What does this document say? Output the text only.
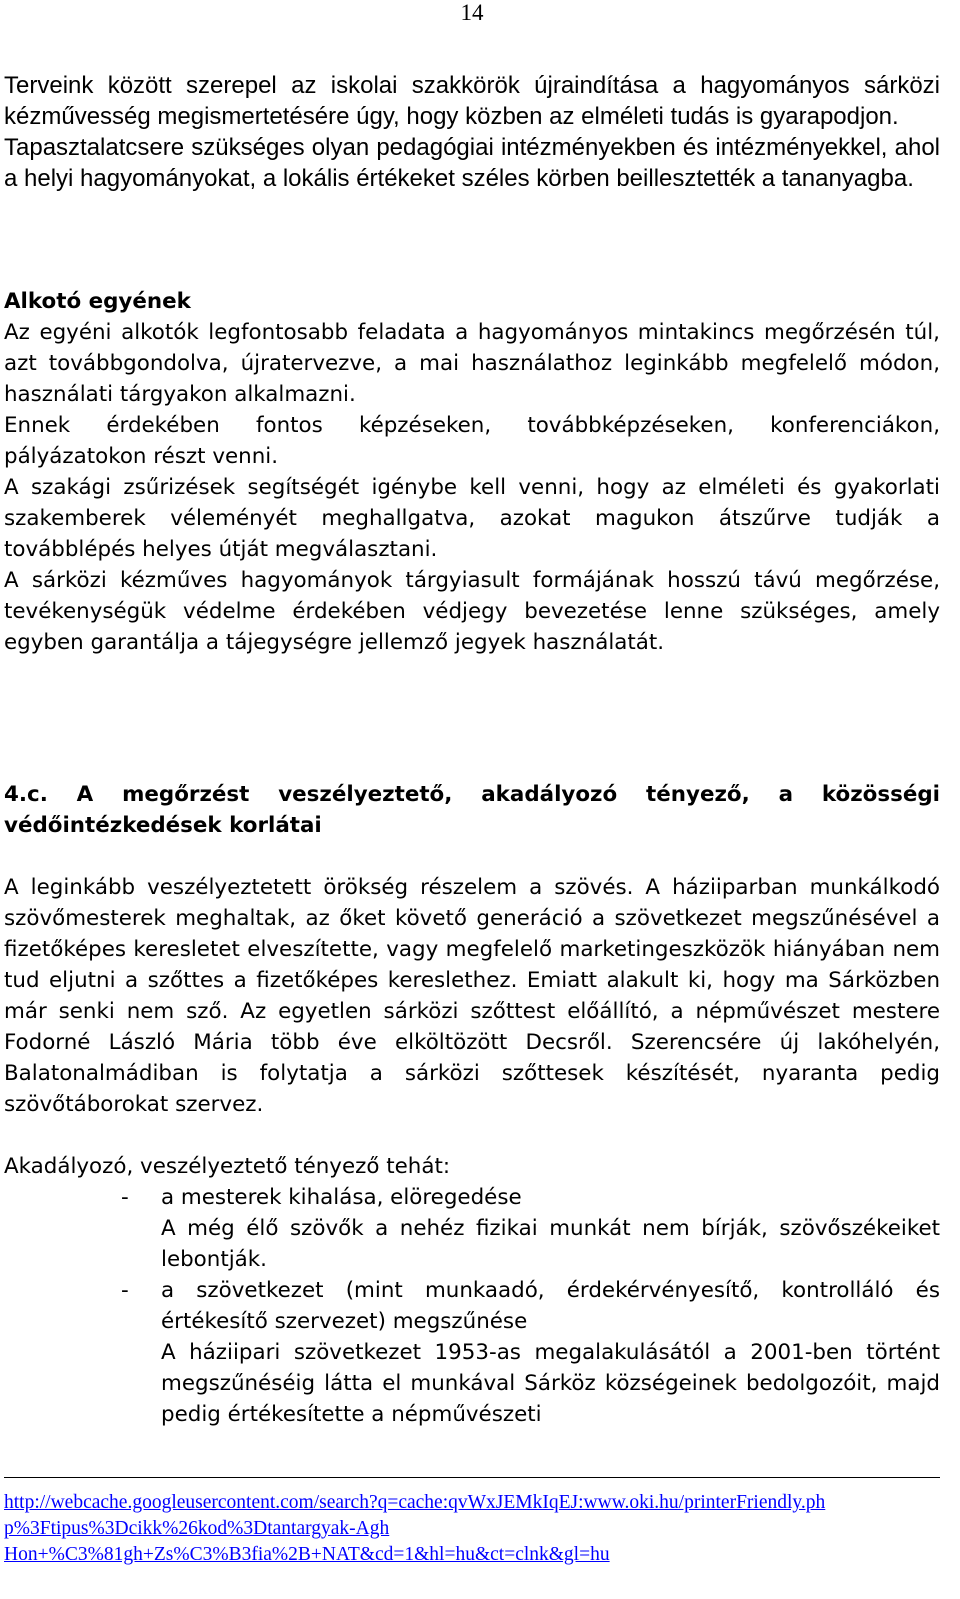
14

Terveink között szerepel az iskolai szakkörök újraindítása a hagyományos sárközi kézművesség megismertetésére úgy, hogy közben az elméleti tudás is gyarapodjon.

Tapasztalatcsere szükséges olyan pedagógiai intézményekben és intézményekkel, ahol a helyi hagyományokat, a lokális értékeket széles körben beillesztették a tananyagba.

Alkotó egyének

Az egyéni alkotók legfontosabb feladata a hagyományos mintakincs megőrzésén túl, azt továbbgondolva, újratervezve, a mai használathoz leginkább megfelelő módon, használati tárgyakon alkalmazni.

Ennek érdekében fontos képzéseken, továbbképzéseken, konferenciákon, pályázatokon részt venni.

A szakági zsűrizések segítségét igénybe kell venni, hogy az elméleti és gyakorlati szakemberek véleményét meghallgatva, azokat magukon átszűrve tudják a továbblépés helyes útját megválasztani.

A sárközi kézműves hagyományok tárgyiasult formájának hosszú távú megőrzése, tevékenységük védelme érdekében védjegy bevezetése lenne szükséges, amely egyben garantálja a tájegységre jellemző jegyek használatát.

4.c. A megőrzést veszélyeztető, akadályozó tényező, a közösségi védőintézkedések korlátai

A leginkább veszélyeztetett örökség részelem a szövés. A háziiparban munkálkodó szövőmesterek meghaltak, az őket követő generáció a szövetkezet megszűnésével a fizetőképes keresletet elveszítette, vagy megfelelő marketingeszközök hiányában nem tud eljutni a szőttes a fizetőképes kereslethez. Emiatt alakult ki, hogy ma Sárközben már senki nem sző. Az egyetlen sárközi szőttest előállító, a népművészet mestere Fodorné László Mária több éve elköltözött Decsről. Szerencsére új lakóhelyén, Balatonalmádiban is folytatja a sárközi szőttesek készítését, nyaranta pedig szövőtáborokat szervez.

Akadályozó, veszélyeztető tényező tehát:

- a mesterek kihalása, elöregedése

A még élő szövők a nehéz fizikai munkát nem bírják, szövőszékeiket lebontják.

- a szövetkezet (mint munkaadó, érdekérvényesítő, kontrolláló és értékesítő szervezet) megszűnése

A háziipari szövetkezet 1953-as megalakulásától a 2001-ben történt megszűnéséig látta el munkával Sárköz községeinek bedolgozóit, majd pedig értékesítette a népművészeti

http://webcache.googleusercontent.com/search?q=cache:qvWxJEMkIqEJ:www.oki.hu/printerFriendly.ph
p%3Ftipus%3Dcikk%26kod%3Dtantargyak-Agh
Hon+%C3%81gh+Zs%C3%B3fia%2B+NAT&cd=1&hl=hu&ct=clnk&gl=hu
